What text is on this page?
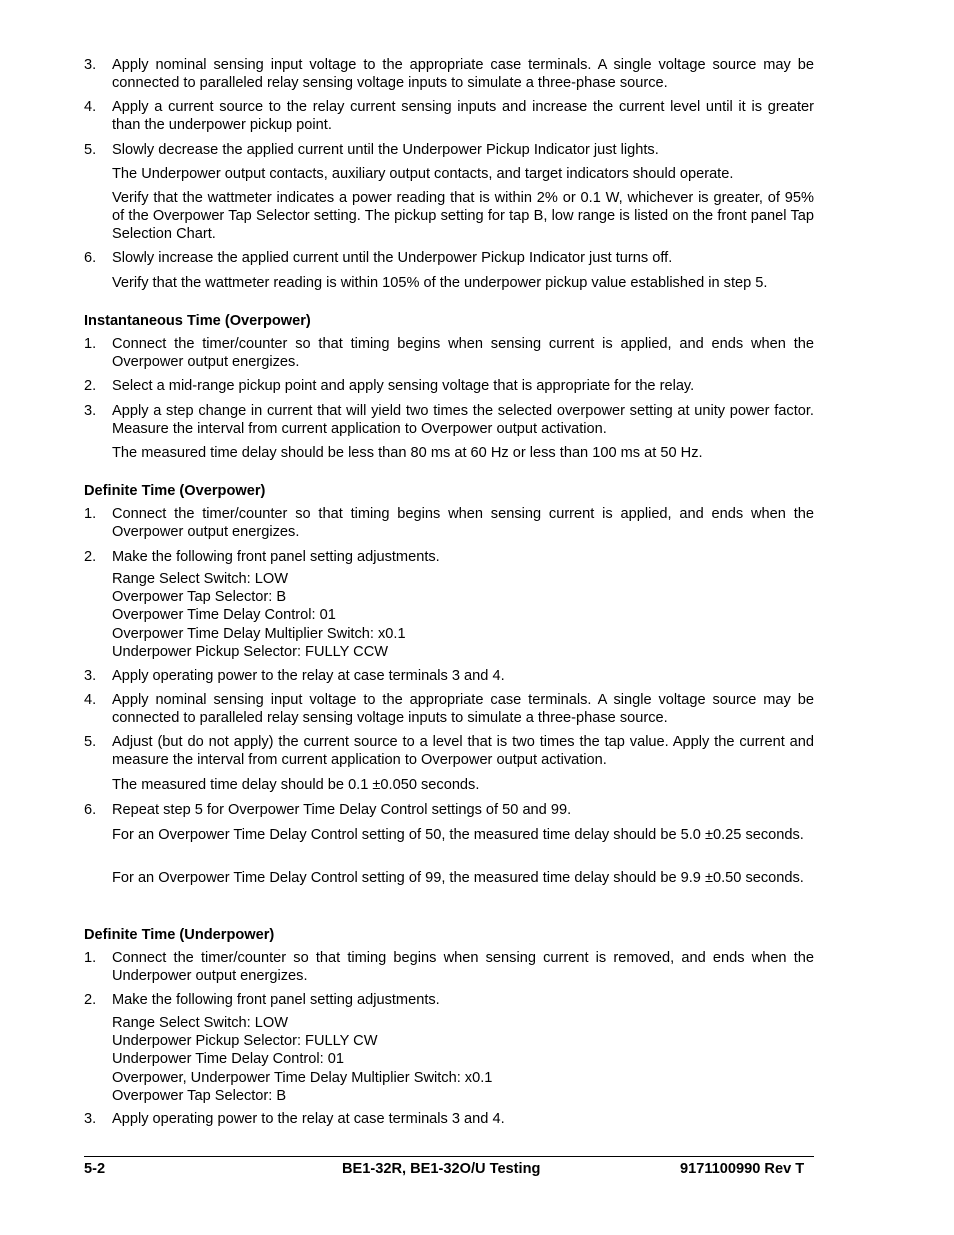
3.	Apply nominal sensing input voltage to the appropriate case terminals. A single voltage source may be connected to paralleled relay sensing voltage inputs to simulate a three-phase source.
4.	Apply a current source to the relay current sensing inputs and increase the current level until it is greater than the underpower pickup point.
5.	Slowly decrease the applied current until the Underpower Pickup Indicator just lights.
The Underpower output contacts, auxiliary output contacts, and target indicators should operate.
Verify that the wattmeter indicates a power reading that is within 2% or 0.1 W, whichever is greater, of 95% of the Overpower Tap Selector setting. The pickup setting for tap B, low range is listed on the front panel Tap Selection Chart.
6.	Slowly increase the applied current until the Underpower Pickup Indicator just turns off.
Verify that the wattmeter reading is within 105% of the underpower pickup value established in step 5.
Instantaneous Time (Overpower)
1.	Connect the timer/counter so that timing begins when sensing current is applied, and ends when the Overpower output energizes.
2.	Select a mid-range pickup point and apply sensing voltage that is appropriate for the relay.
3.	Apply a step change in current that will yield two times the selected overpower setting at unity power factor. Measure the interval from current application to Overpower output activation.
The measured time delay should be less than 80 ms at 60 Hz or less than 100 ms at 50 Hz.
Definite Time (Overpower)
1.	Connect the timer/counter so that timing begins when sensing current is applied, and ends when the Overpower output energizes.
2.	Make the following front panel setting adjustments.
Range Select Switch: LOW
Overpower Tap Selector: B
Overpower Time Delay Control: 01
Overpower Time Delay Multiplier Switch: x0.1
Underpower Pickup Selector: FULLY CCW
3.	Apply operating power to the relay at case terminals 3 and 4.
4.	Apply nominal sensing input voltage to the appropriate case terminals. A single voltage source may be connected to paralleled relay sensing voltage inputs to simulate a three-phase source.
5.	Adjust (but do not apply) the current source to a level that is two times the tap value. Apply the current and measure the interval from current application to Overpower output activation.
The measured time delay should be 0.1 ±0.050 seconds.
6.	Repeat step 5 for Overpower Time Delay Control settings of 50 and 99.
For an Overpower Time Delay Control setting of 50, the measured time delay should be 5.0 ±0.25 seconds.
For an Overpower Time Delay Control setting of 99, the measured time delay should be 9.9 ±0.50 seconds.
Definite Time (Underpower)
1.	Connect the timer/counter so that timing begins when sensing current is removed, and ends when the Underpower output energizes.
2.	Make the following front panel setting adjustments.
Range Select Switch: LOW
Underpower Pickup Selector: FULLY CW
Underpower Time Delay Control: 01
Overpower, Underpower Time Delay Multiplier Switch: x0.1
Overpower Tap Selector: B
3.	Apply operating power to the relay at case terminals 3 and 4.
5-2	BE1-32R, BE1-32O/U Testing	9171100990 Rev T
